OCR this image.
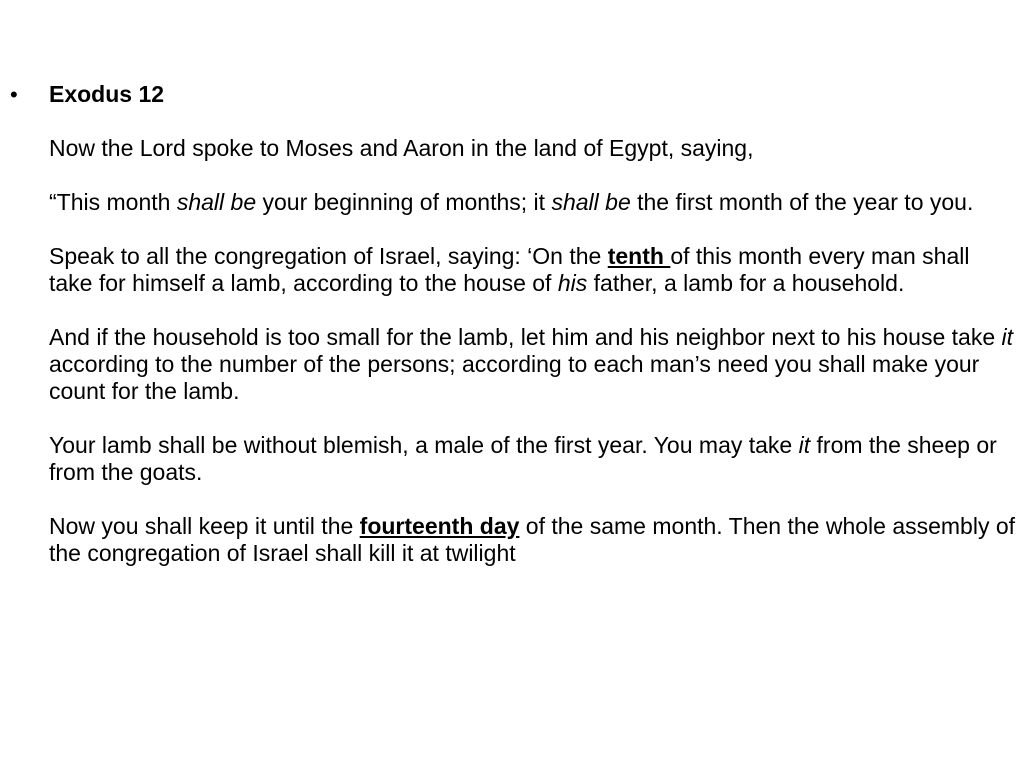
• Exodus 12

Now the Lord spoke to Moses and Aaron in the land of Egypt, saying,

“This month shall be your beginning of months; it shall be the first month of the year to you.

Speak to all the congregation of Israel, saying: ‘On the tenth of this month every man shall take for himself a lamb, according to the house of his father, a lamb for a household.

And if the household is too small for the lamb, let him and his neighbor next to his house take it according to the number of the persons; according to each man’s need you shall make your count for the lamb.

Your lamb shall be without blemish, a male of the first year. You may take it from the sheep or from the goats.

Now you shall keep it until the fourteenth day of the same month. Then the whole assembly of the congregation of Israel shall kill it at twilight
